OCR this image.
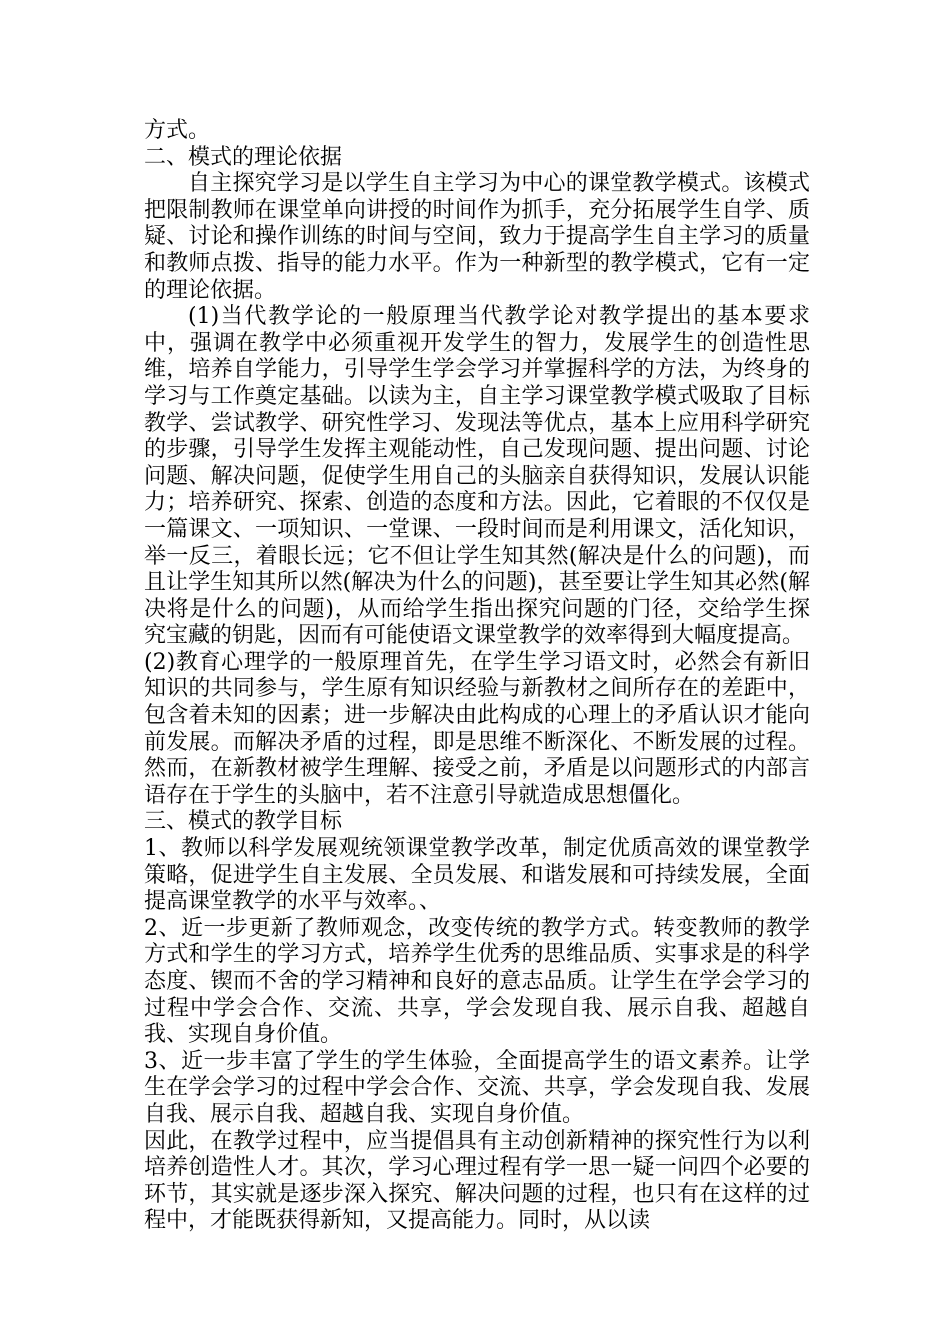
方式。

二、模式的理论依据

自主探究学习是以学生自主学习为中心的课堂教学模式。该模式把限制教师在课堂单向讲授的时间作为抓手，充分拓展学生自学、质疑、讨论和操作训练的时间与空间，致力于提高学生自主学习的质量和教师点拨、指导的能力水平。作为一种新型的教学模式，它有一定的理论依据。

(1)当代教学论的一般原理当代教学论对教学提出的基本要求中，强调在教学中必须重视开发学生的智力，发展学生的创造性思维，培养自学能力，引导学生学会学习并掌握科学的方法，为终身的学习与工作奠定基础。以读为主，自主学习课堂教学模式吸取了目标教学、尝试教学、研究性学习、发现法等优点，基本上应用科学研究的步骤，引导学生发挥主观能动性，自己发现问题、提出问题、讨论问题、解决问题，促使学生用自己的头脑亲自获得知识，发展认识能力；培养研究、探索、创造的态度和方法。因此，它着眼的不仅仅是一篇课文、一项知识、一堂课、一段时间而是利用课文，活化知识，举一反三，着眼长远；它不但让学生知其然(解决是什么的问题)，而且让学生知其所以然(解决为什么的问题)，甚至要让学生知其必然(解决将是什么的问题)，从而给学生指出探究问题的门径，交给学生探究宝藏的钥匙，因而有可能使语文课堂教学的效率得到大幅度提高。

(2)教育心理学的一般原理首先，在学生学习语文时，必然会有新旧知识的共同参与，学生原有知识经验与新教材之间所存在的差距中，包含着未知的因素；进一步解决由此构成的心理上的矛盾认识才能向前发展。而解决矛盾的过程，即是思维不断深化、不断发展的过程。然而，在新教材被学生理解、接受之前，矛盾是以问题形式的内部言语存在于学生的头脑中，若不注意引导就造成思想僵化。

三、模式的教学目标

1、教师以科学发展观统领课堂教学改革，制定优质高效的课堂教学策略，促进学生自主发展、全员发展、和谐发展和可持续发展，全面提高课堂教学的水平与效率。、

2、近一步更新了教师观念，改变传统的教学方式。转变教师的教学方式和学生的学习方式，培养学生优秀的思维品质、实事求是的科学态度、锲而不舍的学习精神和良好的意志品质。让学生在学会学习的过程中学会合作、交流、共享，学会发现自我、展示自我、超越自我、实现自身价值。

3、近一步丰富了学生的学生体验，全面提高学生的语文素养。让学生在学会学习的过程中学会合作、交流、共享，学会发现自我、发展自我、展示自我、超越自我、实现自身价值。

因此，在教学过程中，应当提倡具有主动创新精神的探究性行为以利培养创造性人才。其次，学习心理过程有学一思一疑一问四个必要的环节，其实就是逐步深入探究、解决问题的过程，也只有在这样的过程中，才能既获得新知，又提高能力。同时，从以读
